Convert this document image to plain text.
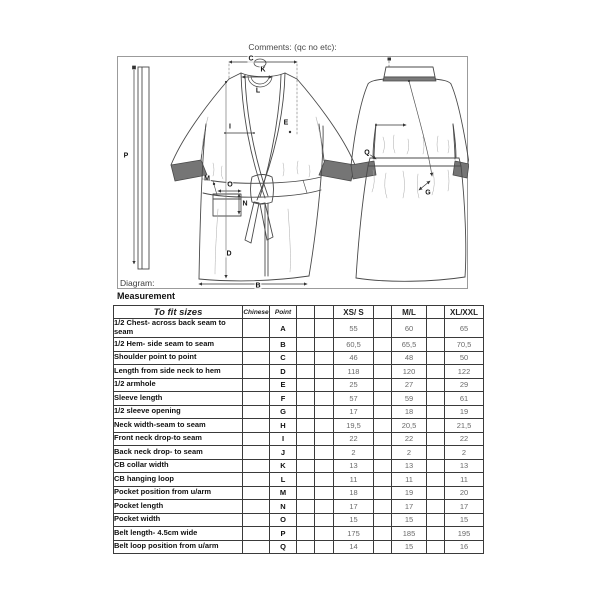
Comments: (qc no etc):
P
C
K
L
E
I
M
O
N
D
B
Q
G
Diagram:
Measurement
To fit sizes	Chinese	Point			XS/ S		M/L		XL/XXL
1/2 Chest- across back seam to seam		A			55		60		65
1/2 Hem- side seam to seam		B			60,5		65,5		70,5
Shoulder point to point		C			46		48		50
Length from side neck to hem		D			118		120		122
1/2 armhole		E			25		27		29
Sleeve length		F			57		59		61
1/2 sleeve opening		G			17		18		19
Neck width-seam to seam		H			19,5		20,5		21,5
Front neck drop-to seam		I			22		22		22
Back neck drop- to seam		J			2		2		2
CB collar width		K			13		13		13
CB hanging loop		L			11		11		11
Pocket position from u/arm		M			18		19		20
Pocket length		N			17		17		17
Pocket width		O			15		15		15
Belt length- 4.5cm wide		P			175		185		195
Belt loop position from u/arm		Q			14		15		16
